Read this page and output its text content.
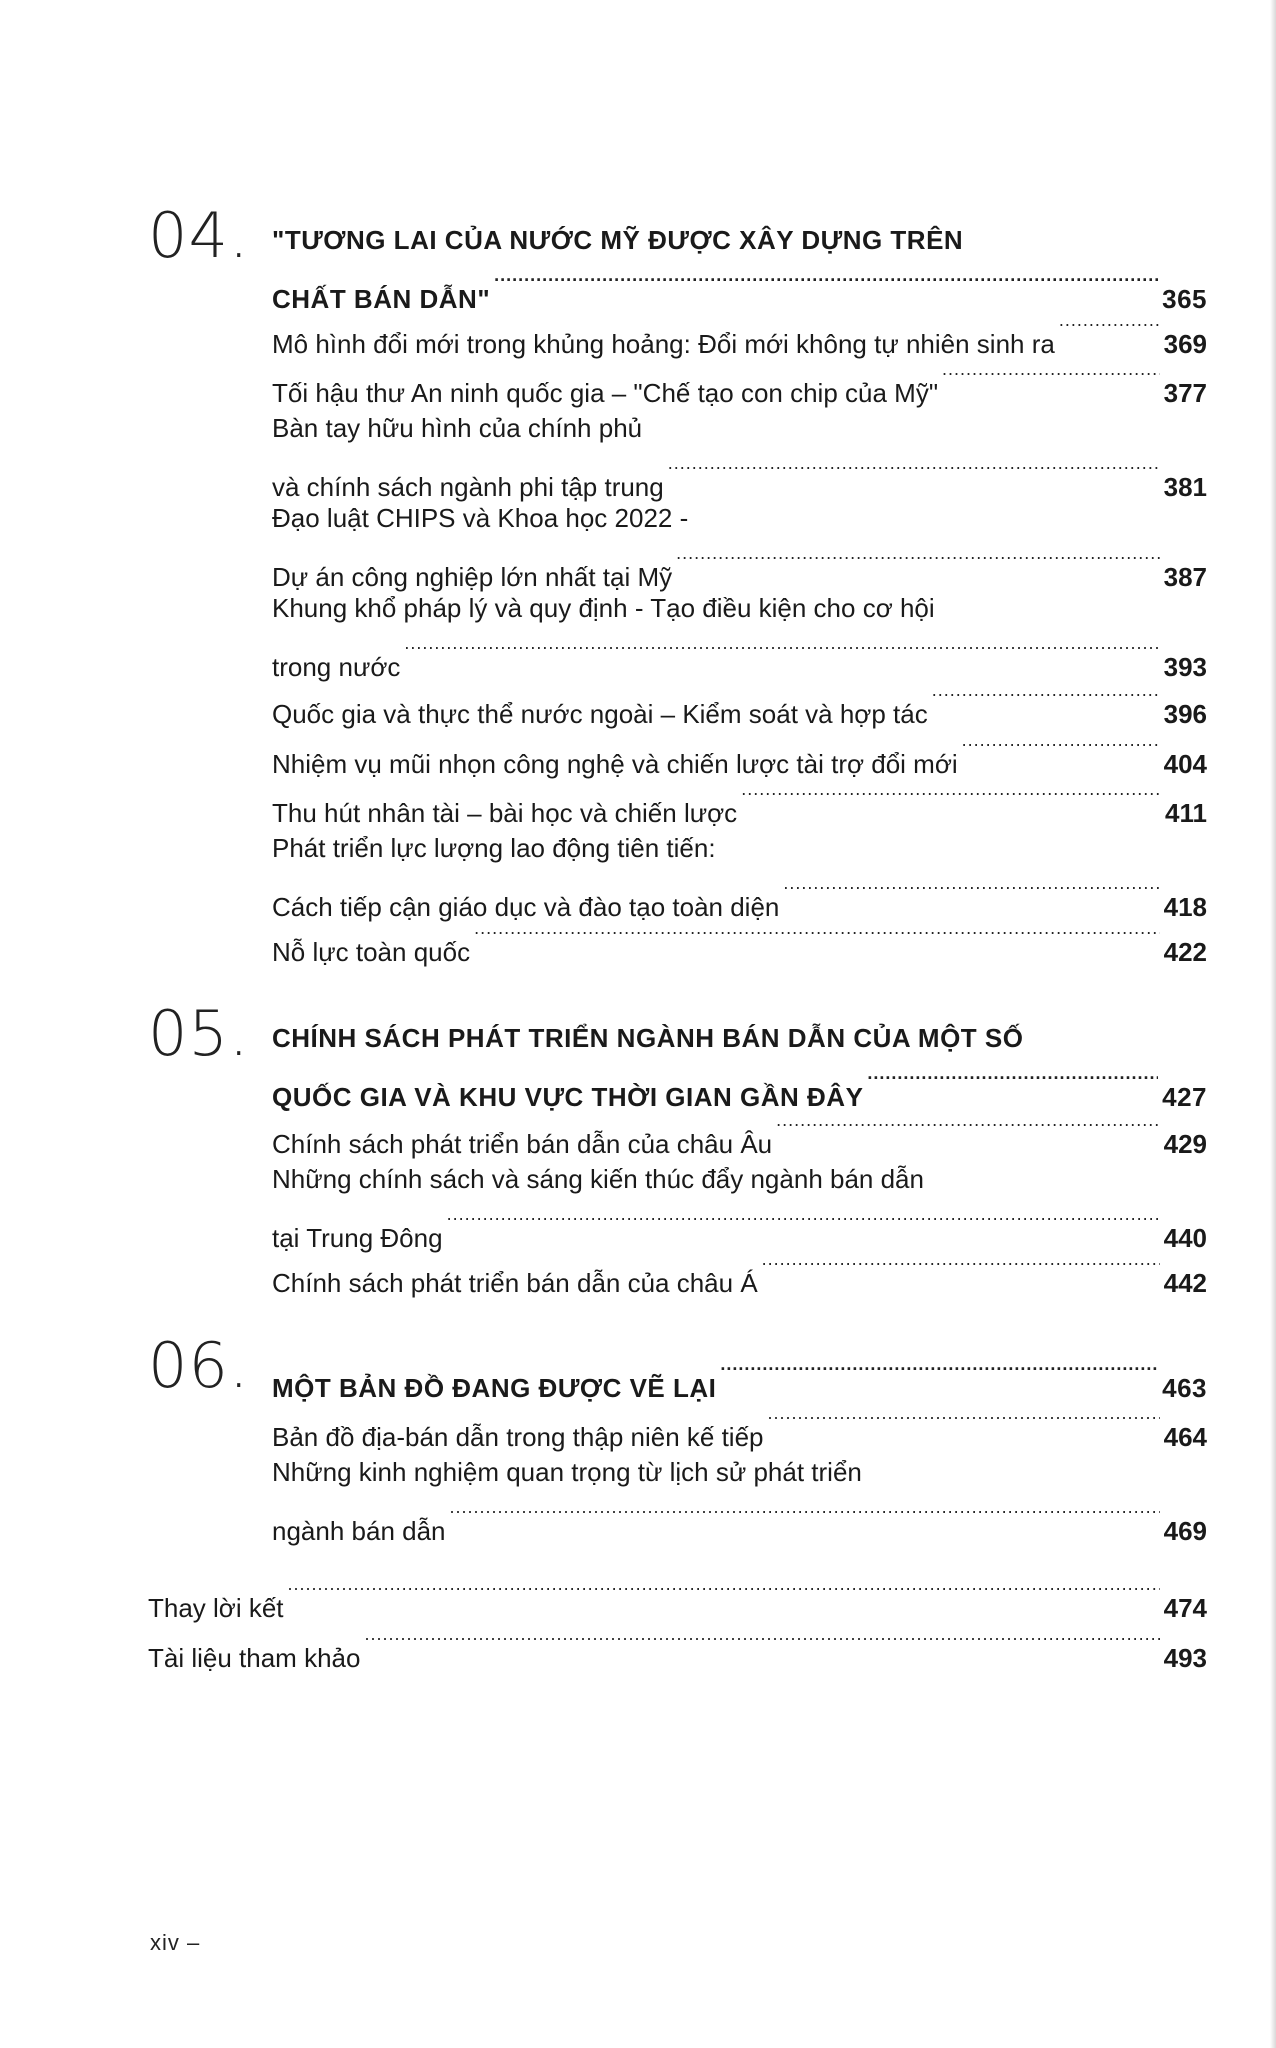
04. "TƯƠNG LAI CỦA NƯỚC MỸ ĐƯỢC XÂY DỰNG TRÊN
CHẤT BÁN DẪN" .....	365
Mô hình đổi mới trong khủng hoảng: Đổi mới không tự nhiên sinh ra .....	369
Tối hậu thư An ninh quốc gia – "Chế tạo con chip của Mỹ" .....	377
Bàn tay hữu hình của chính phủ
và chính sách ngành phi tập trung .....	381
Đạo luật CHIPS và Khoa học 2022 -
Dự án công nghiệp lớn nhất tại Mỹ .....	387
Khung khổ pháp lý và quy định - Tạo điều kiện cho cơ hội
trong nước .....	393
Quốc gia và thực thể nước ngoài – Kiểm soát và hợp tác .....	396
Nhiệm vụ mũi nhọn công nghệ và chiến lược tài trợ đổi mới .....	404
Thu hút nhân tài – bài học và chiến lược .....	411
Phát triển lực lượng lao động tiên tiến:
Cách tiếp cận giáo dục và đào tạo toàn diện .....	418
Nỗ lực toàn quốc .....	422
05. CHÍNH SÁCH PHÁT TRIỂN NGÀNH BÁN DẪN CỦA MỘT SỐ
QUỐC GIA VÀ KHU VỰC THỜI GIAN GẦN ĐÂY .....	427
Chính sách phát triển bán dẫn của châu Âu .....	429
Những chính sách và sáng kiến thúc đẩy ngành bán dẫn
tại Trung Đông .....	440
Chính sách phát triển bán dẫn của châu Á .....	442
06. MỘT BẢN ĐỒ ĐANG ĐƯỢC VẼ LẠI .....	463
Bản đồ địa-bán dẫn trong thập niên kế tiếp .....	464
Những kinh nghiệm quan trọng từ lịch sử phát triển
ngành bán dẫn .....	469
Thay lời kết .....	474
Tài liệu tham khảo .....	493
xiv –
